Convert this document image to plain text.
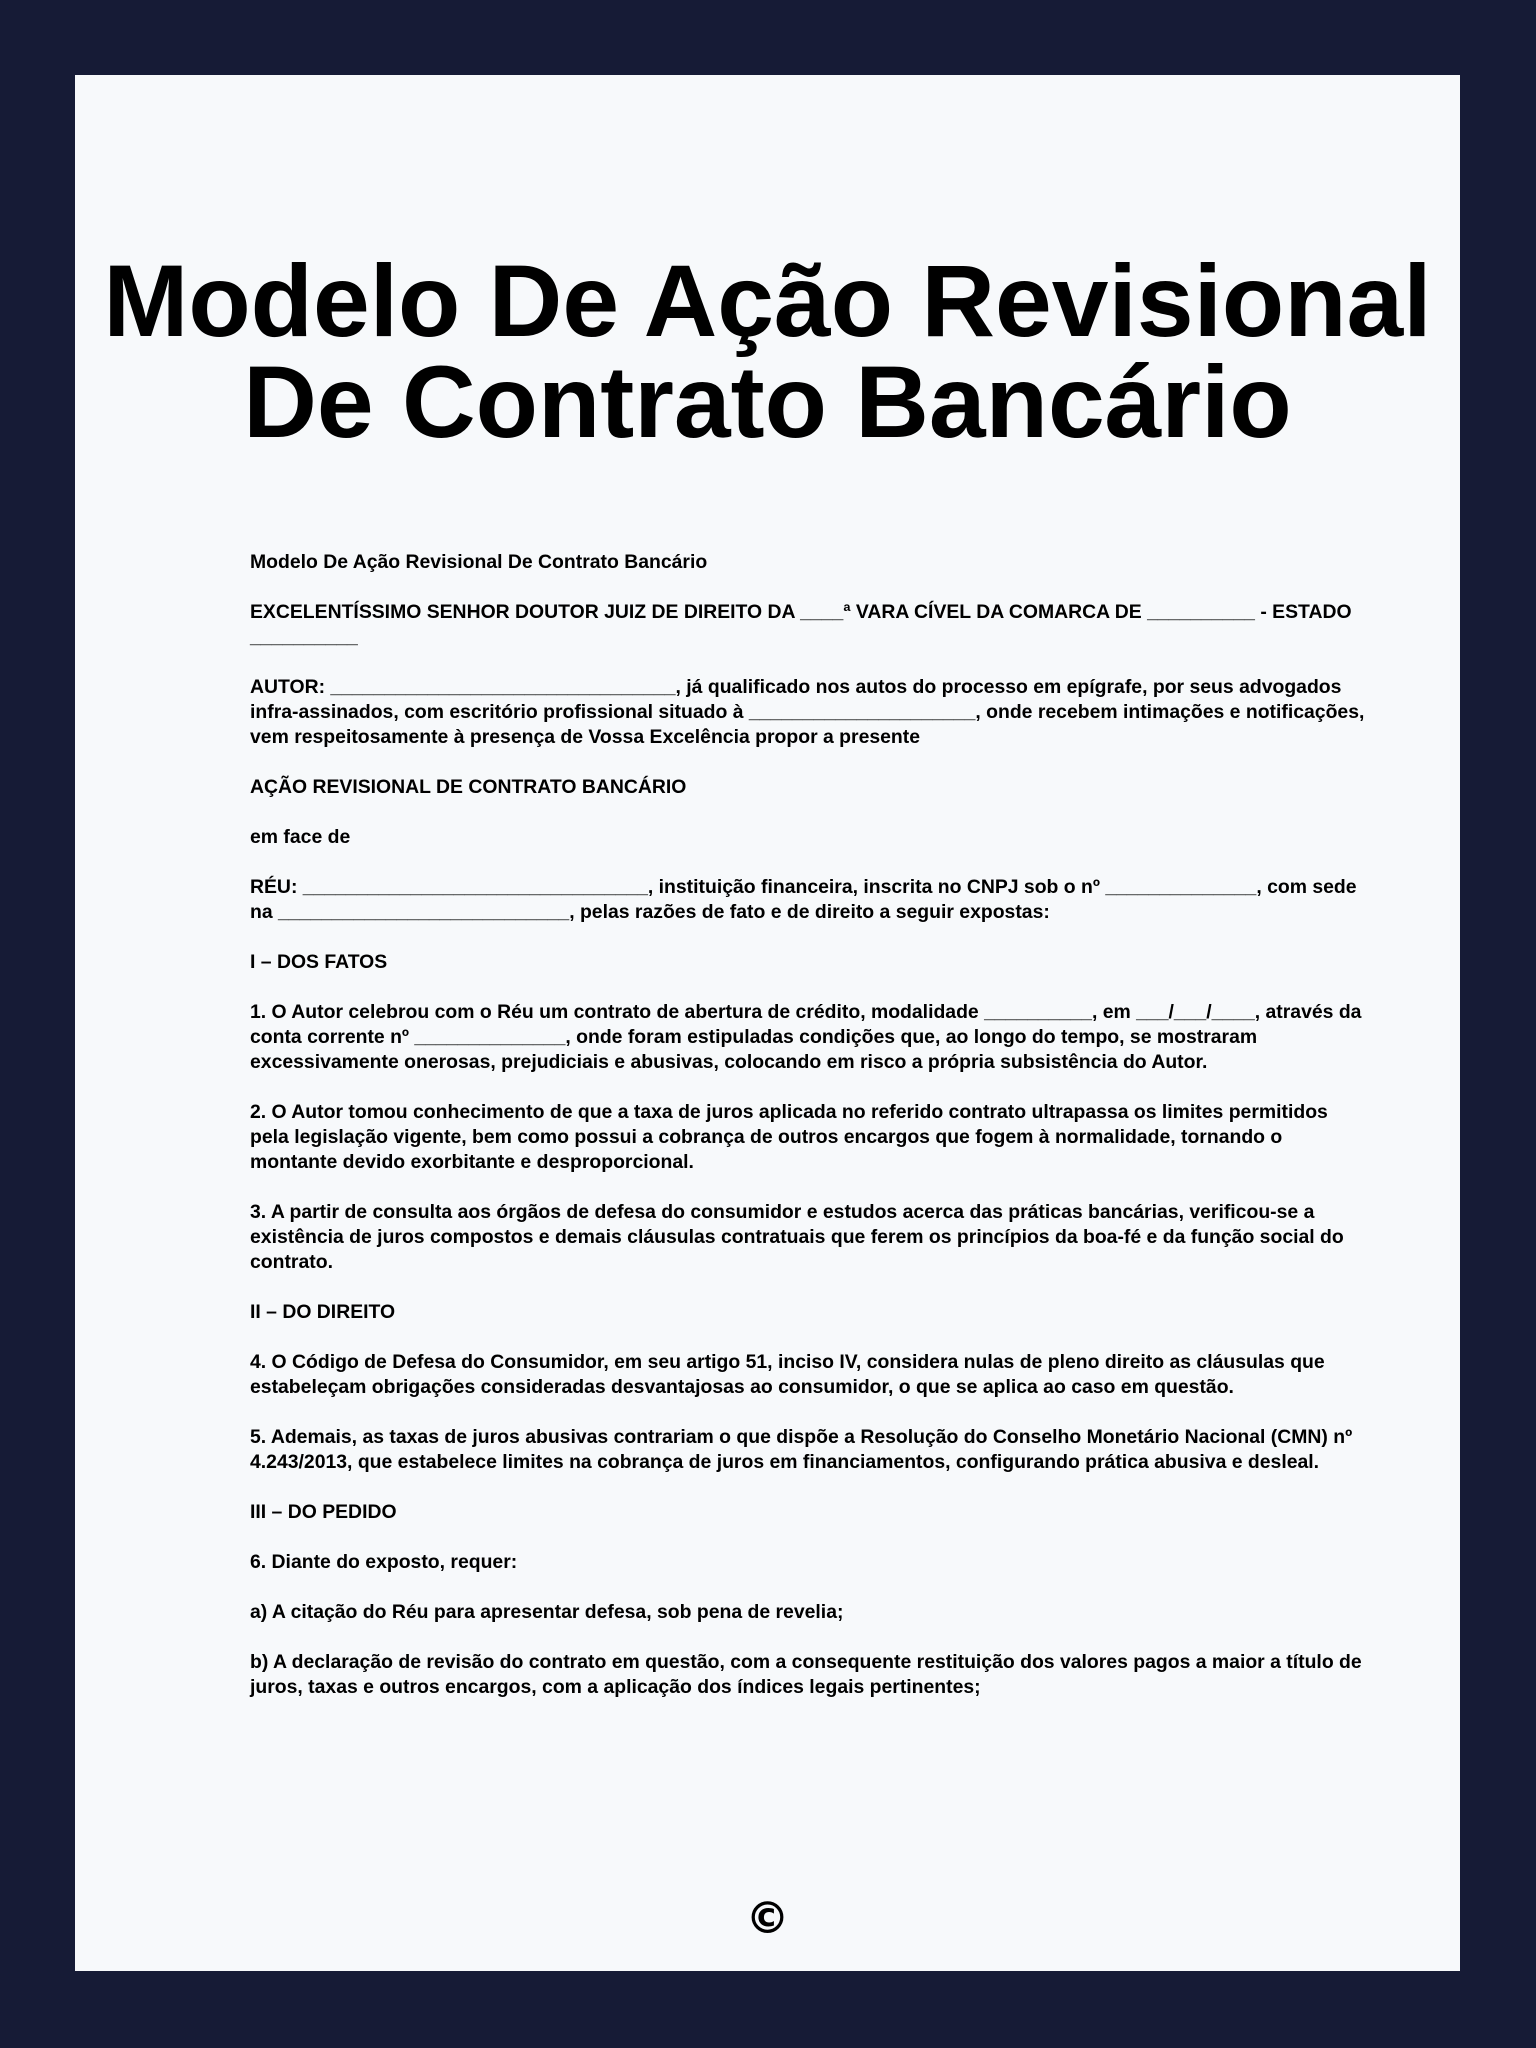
Modelo De Ação Revisional
De Contrato Bancário

Modelo De Ação Revisional De Contrato Bancário

EXCELENTÍSSIMO SENHOR DOUTOR JUIZ DE DIREITO DA ____ª VARA CÍVEL DA COMARCA DE __________ - ESTADO __________

AUTOR: ________________________________, já qualificado nos autos do processo em epígrafe, por seus advogados infra-assinados, com escritório profissional situado à _____________________, onde recebem intimações e notificações, vem respeitosamente à presença de Vossa Excelência propor a presente

AÇÃO REVISIONAL DE CONTRATO BANCÁRIO

em face de

RÉU: ________________________________, instituição financeira, inscrita no CNPJ sob o nº ______________, com sede na ___________________________, pelas razões de fato e de direito a seguir expostas:

I – DOS FATOS

1. O Autor celebrou com o Réu um contrato de abertura de crédito, modalidade __________, em ___/___/____, através da conta corrente nº ______________, onde foram estipuladas condições que, ao longo do tempo, se mostraram excessivamente onerosas, prejudiciais e abusivas, colocando em risco a própria subsistência do Autor.

2. O Autor tomou conhecimento de que a taxa de juros aplicada no referido contrato ultrapassa os limites permitidos pela legislação vigente, bem como possui a cobrança de outros encargos que fogem à normalidade, tornando o montante devido exorbitante e desproporcional.

3. A partir de consulta aos órgãos de defesa do consumidor e estudos acerca das práticas bancárias, verificou-se a existência de juros compostos e demais cláusulas contratuais que ferem os princípios da boa-fé e da função social do contrato.

II – DO DIREITO

4. O Código de Defesa do Consumidor, em seu artigo 51, inciso IV, considera nulas de pleno direito as cláusulas que estabeleçam obrigações consideradas desvantajosas ao consumidor, o que se aplica ao caso em questão.

5. Ademais, as taxas de juros abusivas contrariam o que dispõe a Resolução do Conselho Monetário Nacional (CMN) nº 4.243/2013, que estabelece limites na cobrança de juros em financiamentos, configurando prática abusiva e desleal.

III – DO PEDIDO

6. Diante do exposto, requer:

a) A citação do Réu para apresentar defesa, sob pena de revelia;

b) A declaração de revisão do contrato em questão, com a consequente restituição dos valores pagos a maior a título de juros, taxas e outros encargos, com a aplicação dos índices legais pertinentes;

©
